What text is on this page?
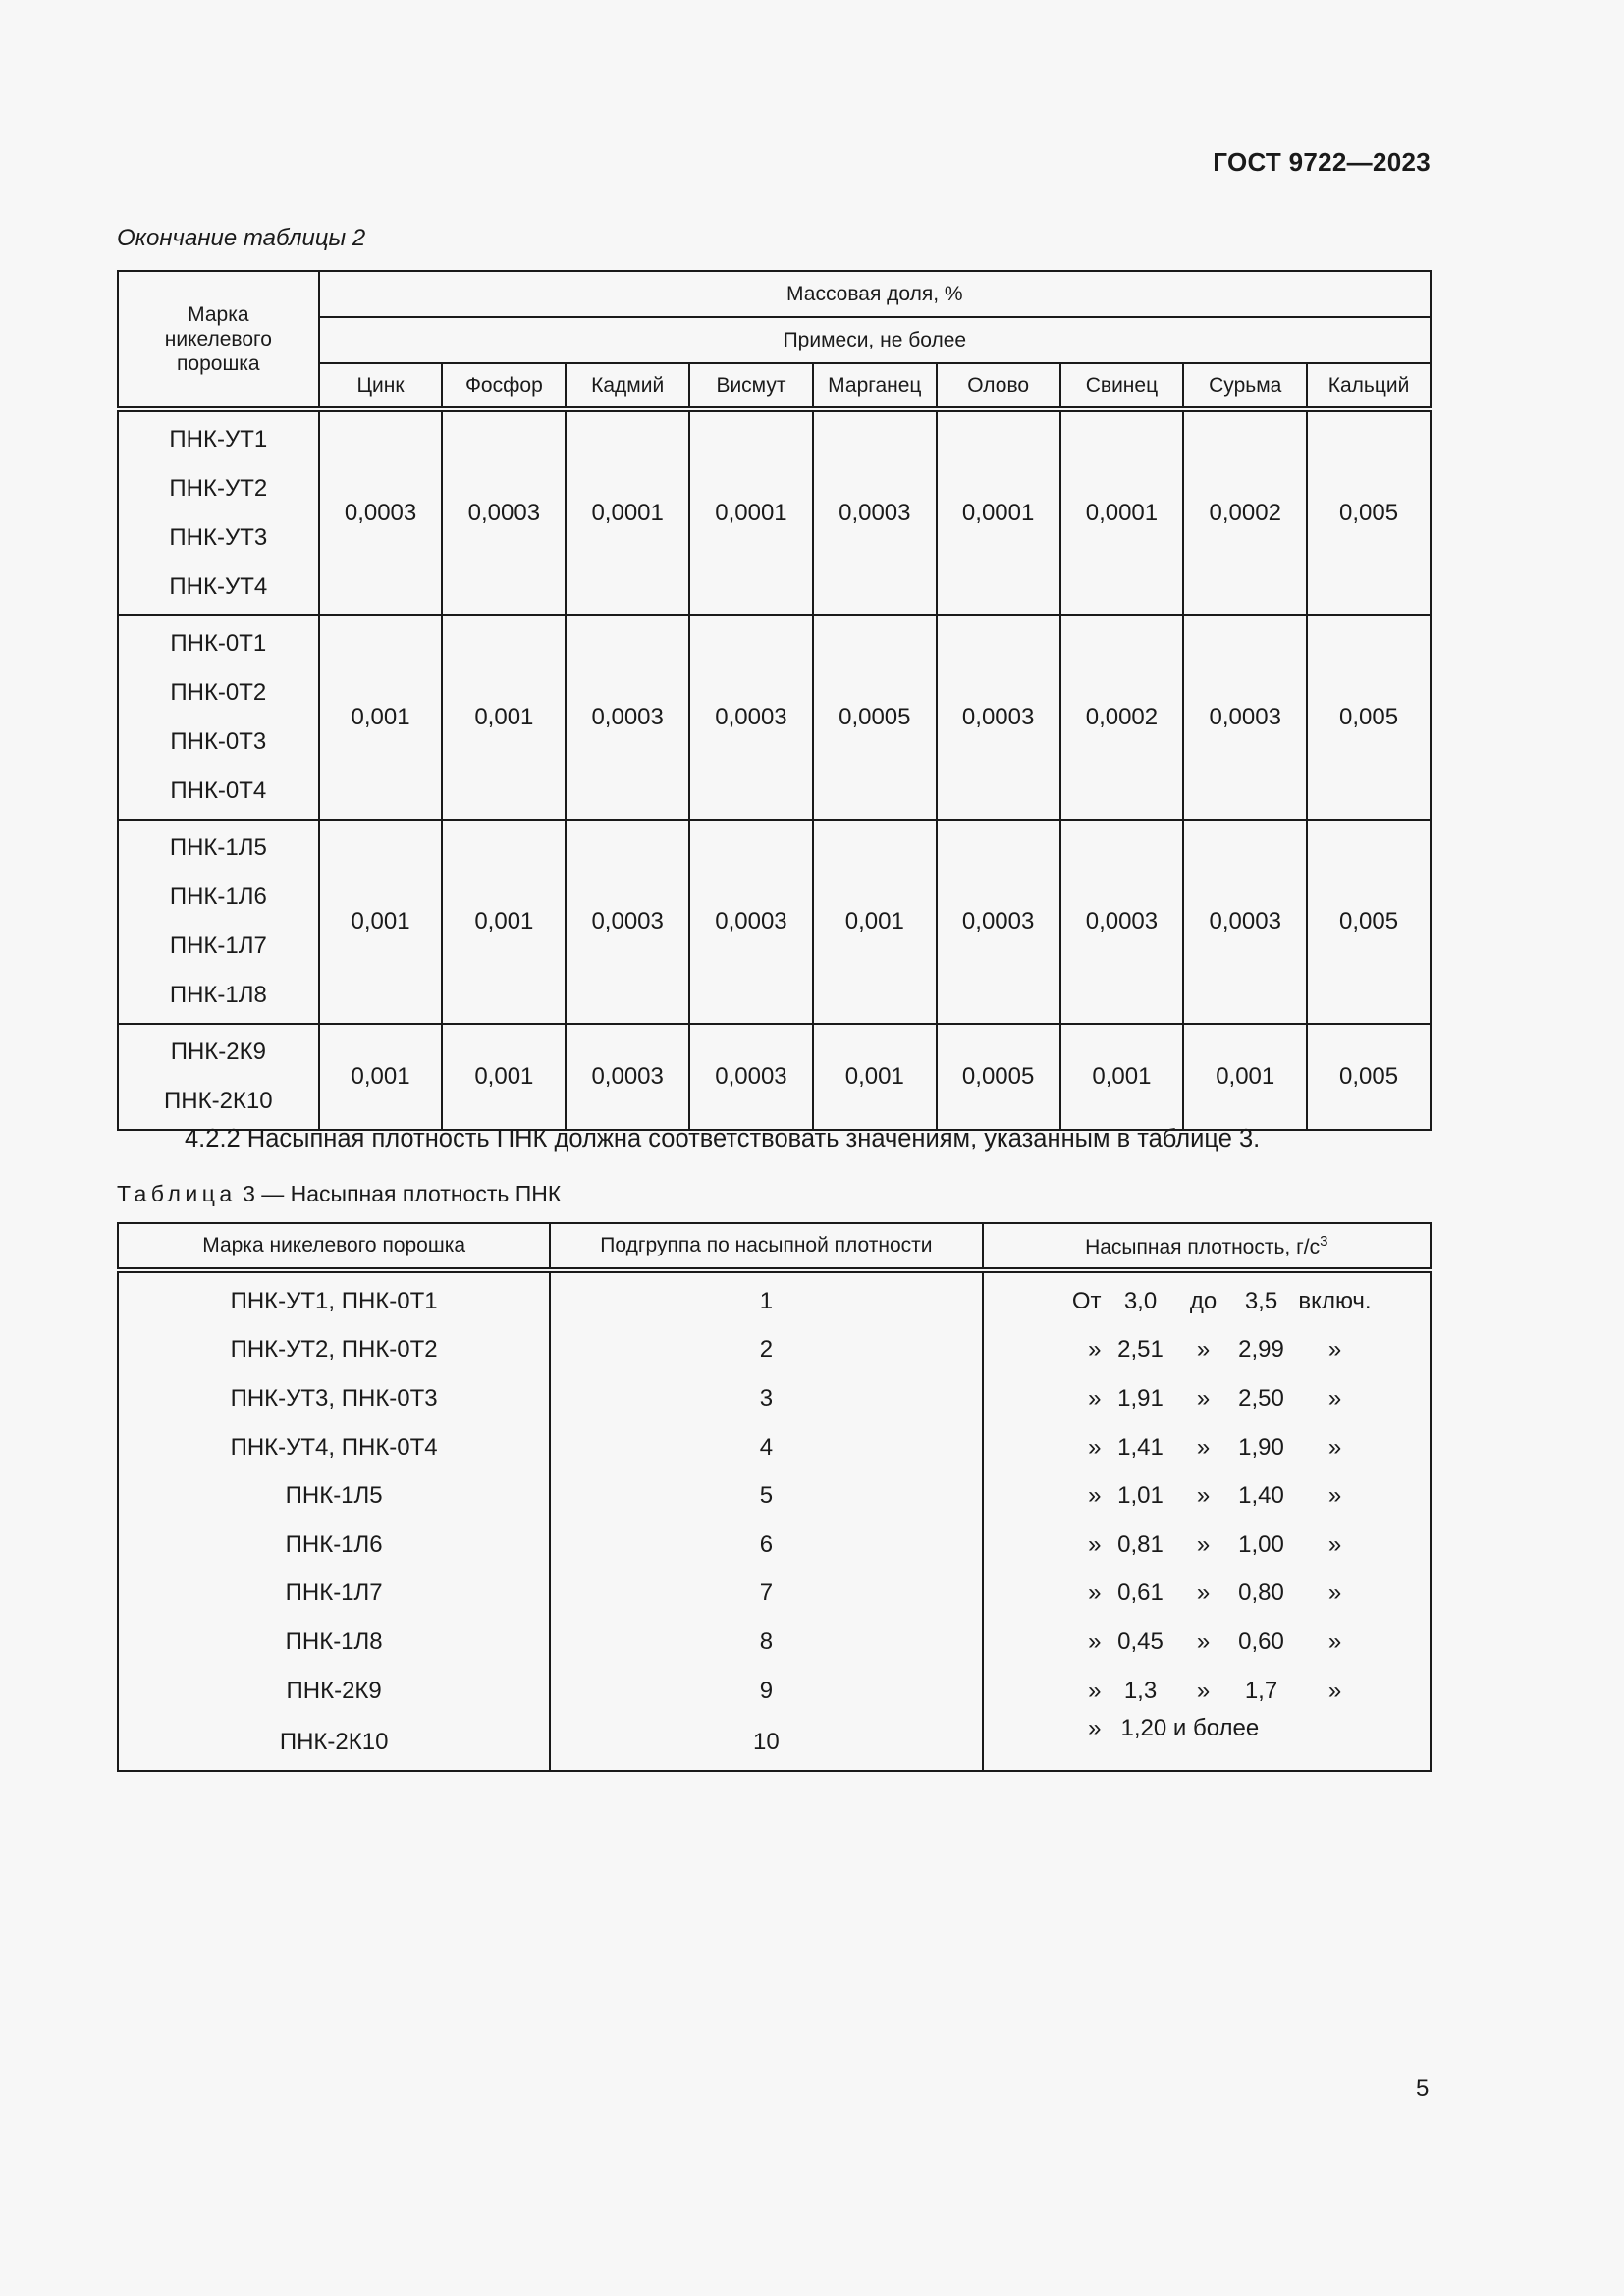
ГОСТ 9722—2023
Окончание таблицы 2
Марка никелевого порошка	Массовая доля, %								
	Примеси, не более								
	Цинк	Фосфор	Кадмий	Висмут	Марганец	Олово	Свинец	Сурьма	Кальций

ПНК-УТ1
ПНК-УТ2
ПНК-УТ3
ПНК-УТ4	0,0003	0,0003	0,0001	0,0001	0,0003	0,0001	0,0001	0,0002	0,005

ПНК-0Т1
ПНК-0Т2
ПНК-0Т3
ПНК-0Т4	0,001	0,001	0,0003	0,0003	0,0005	0,0003	0,0002	0,0003	0,005

ПНК-1Л5
ПНК-1Л6
ПНК-1Л7
ПНК-1Л8	0,001	0,001	0,0003	0,0003	0,001	0,0003	0,0003	0,0003	0,005

ПНК-2К9
ПНК-2К10	0,001	0,001	0,0003	0,0003	0,001	0,0005	0,001	0,001	0,005
4.2.2 Насыпная плотность ПНК должна соответствовать значениям, указанным в таблице 3.
Таблица 3 — Насыпная плотность ПНК
Марка никелевого порошка	Подгруппа по насыпной плотности	Насыпная плотность, $г/с^3$
ПНК-УТ1, ПНК-0Т1	1	От 3,0 до 3,5 включ.
ПНК-УТ2, ПНК-0Т2	2	» 2,51 » 2,99 »
ПНК-УТ3, ПНК-0Т3	3	» 1,91 » 2,50 »
ПНК-УТ4, ПНК-0Т4	4	» 1,41 » 1,90 »
ПНК-1Л5	5	» 1,01 » 1,40 »
ПНК-1Л6	6	» 0,81 » 1,00 »
ПНК-1Л7	7	» 0,61 » 0,80 »
ПНК-1Л8	8	» 0,45 » 0,60 »
ПНК-2К9	9	» 1,3 » 1,7 »
ПНК-2К10	10	» 1,20 и более
5
